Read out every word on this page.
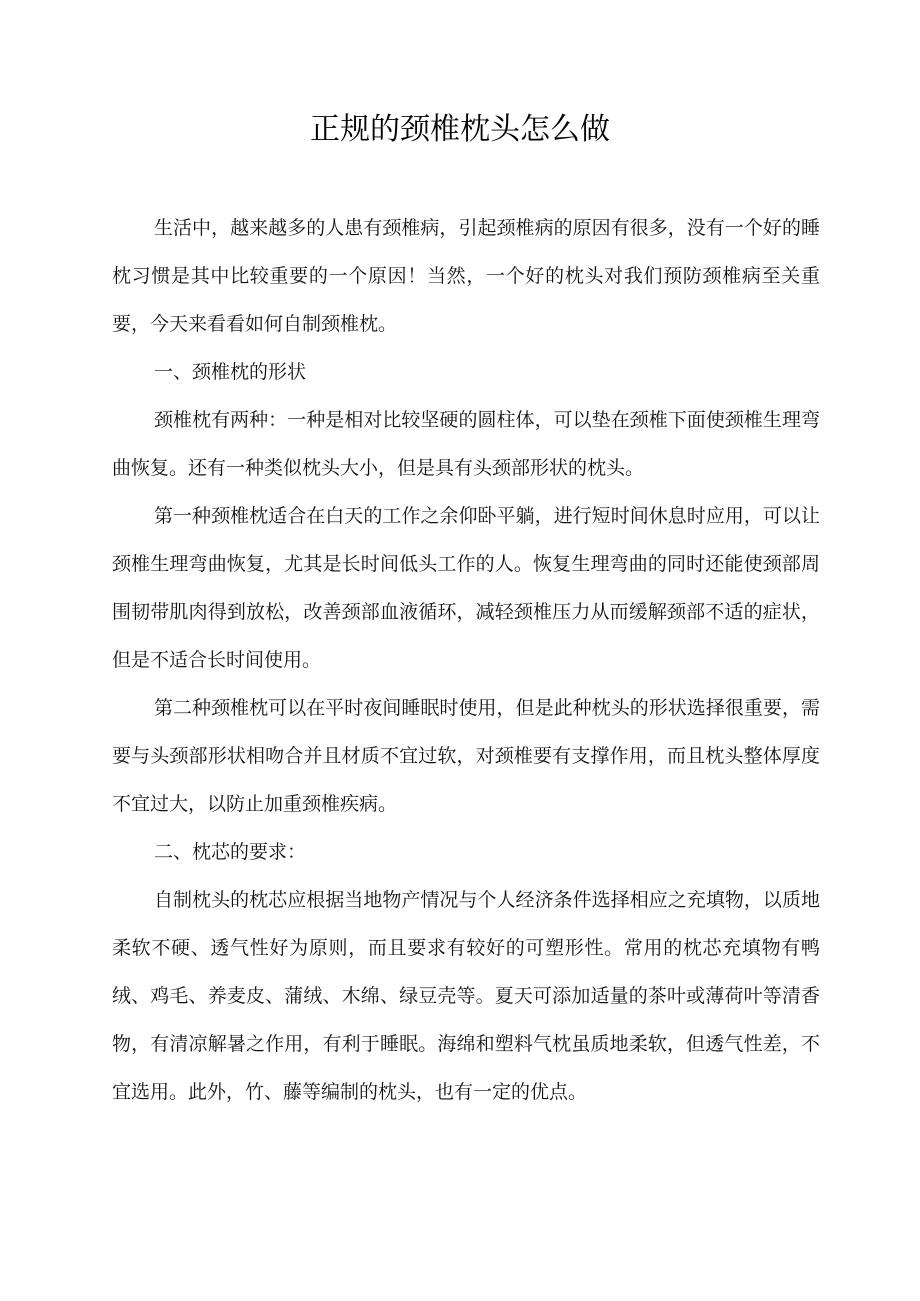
正规的颈椎枕头怎么做

生活中，越来越多的人患有颈椎病，引起颈椎病的原因有很多，没有一个好的睡枕习惯是其中比较重要的一个原因！当然，一个好的枕头对我们预防颈椎病至关重要，今天来看看如何自制颈椎枕。

一、颈椎枕的形状

颈椎枕有两种：一种是相对比较坚硬的圆柱体，可以垫在颈椎下面使颈椎生理弯曲恢复。还有一种类似枕头大小，但是具有头颈部形状的枕头。

第一种颈椎枕适合在白天的工作之余仰卧平躺，进行短时间休息时应用，可以让颈椎生理弯曲恢复，尤其是长时间低头工作的人。恢复生理弯曲的同时还能使颈部周围韧带肌肉得到放松，改善颈部血液循环，减轻颈椎压力从而缓解颈部不适的症状，但是不适合长时间使用。

第二种颈椎枕可以在平时夜间睡眠时使用，但是此种枕头的形状选择很重要，需要与头颈部形状相吻合并且材质不宜过软，对颈椎要有支撑作用，而且枕头整体厚度不宜过大，以防止加重颈椎疾病。

二、枕芯的要求：

自制枕头的枕芯应根据当地物产情况与个人经济条件选择相应之充填物，以质地柔软不硬、透气性好为原则，而且要求有较好的可塑形性。常用的枕芯充填物有鸭绒、鸡毛、养麦皮、蒲绒、木绵、绿豆壳等。夏天可添加适量的茶叶或薄荷叶等清香物，有清凉解暑之作用，有利于睡眠。海绵和塑料气枕虽质地柔软，但透气性差，不宜选用。此外，竹、藤等编制的枕头，也有一定的优点。
